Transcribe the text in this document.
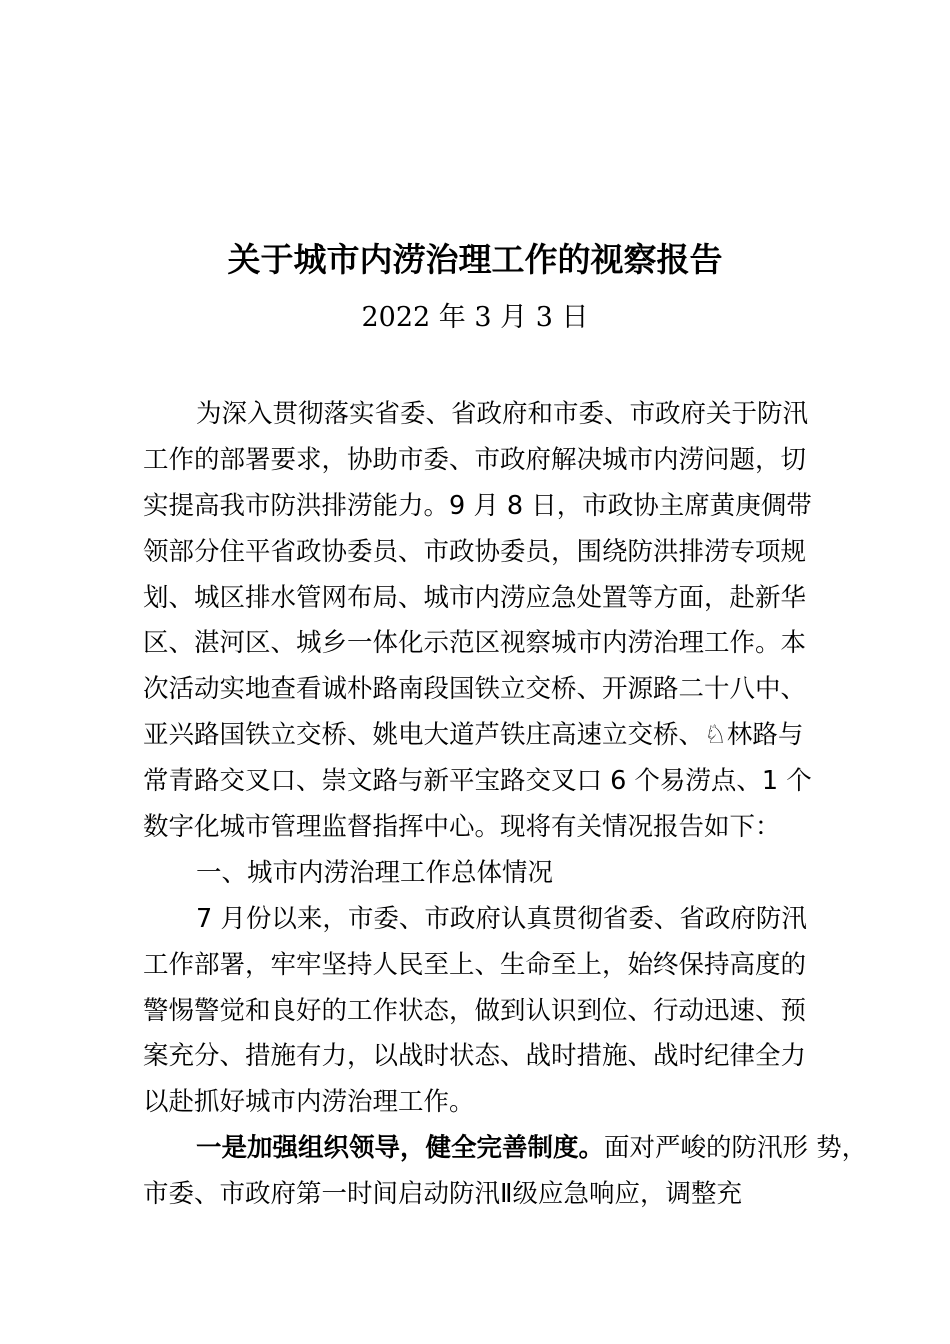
关于城市内涝治理工作的视察报告
2022 年 3 月 3 日
为深入贯彻落实省委、省政府和市委、市政府关于防汛
工作的部署要求，协助市委、市政府解决城市内涝问题，切
实提高我市防洪排涝能力。9 月 8 日，市政协主席黄庚倜带
领部分住平省政协委员、市政协委员，围绕防洪排涝专项规
划、城区排水管网布局、城市内涝应急处置等方面，赴新华
区、湛河区、城乡一体化示范区视察城市内涝治理工作。本
次活动实地查看诚朴路南段国铁立交桥、开源路二十八中、
亚兴路国铁立交桥、姚电大道芦铁庄高速立交桥、♘林路与
常青路交叉口、崇文路与新平宝路交叉口 6 个易涝点、1 个
数字化城市管理监督指挥中心。现将有关情况报告如下：
一、城市内涝治理工作总体情况
7 月份以来，市委、市政府认真贯彻省委、省政府防汛
工作部署，牢牢坚持人民至上、生命至上，始终保持高度的
警惕警觉和良好的工作状态，做到认识到位、行动迅速、预
案充分、措施有力，以战时状态、战时措施、战时纪律全力
以赴抓好城市内涝治理工作。
一是加强组织领导，健全完善制度。面对严峻的防汛形 势，
市委、市政府第一时间启动防汛Ⅱ级应急响应，调整充
